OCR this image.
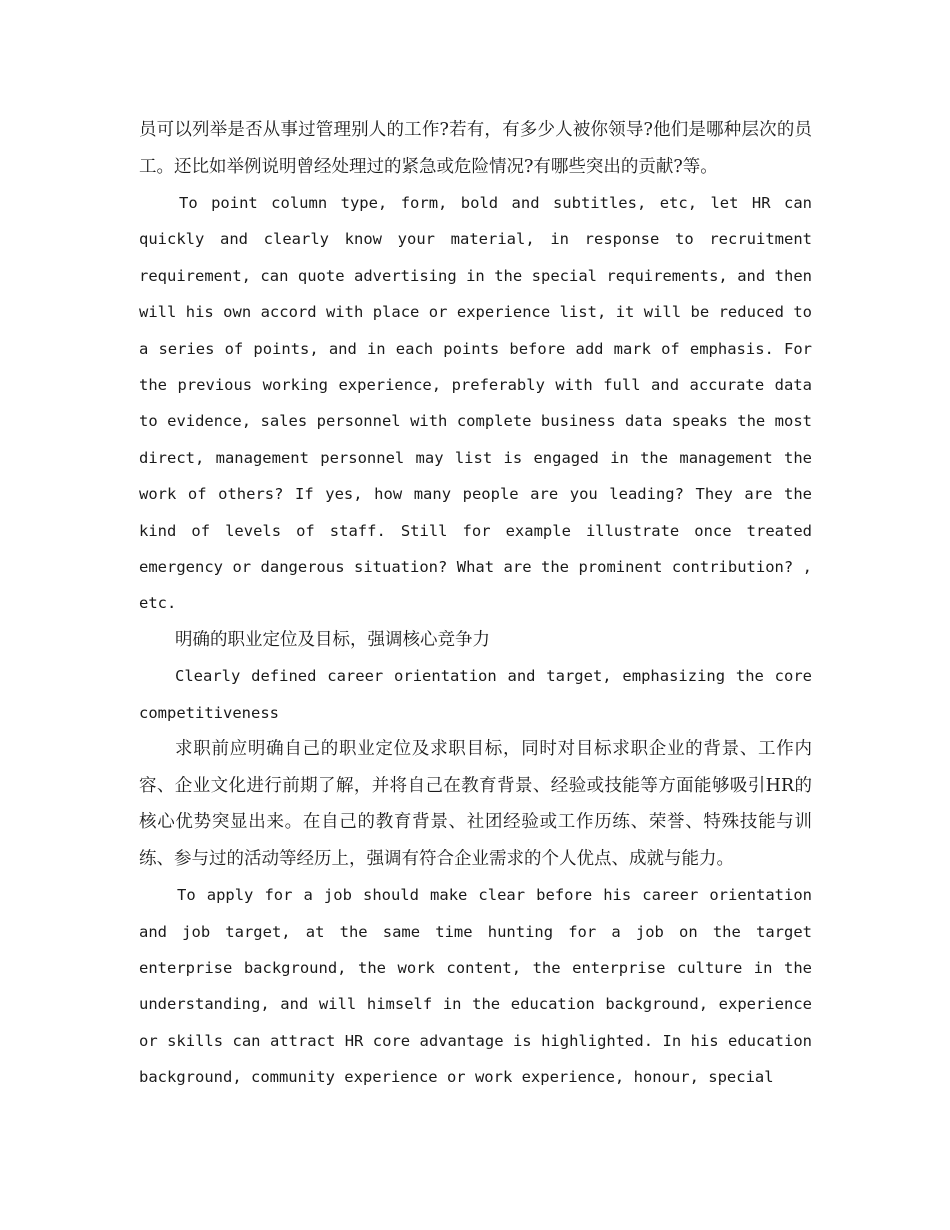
员可以列举是否从事过管理别人的工作?若有，有多少人被你领导?他们是哪种层次的员工。还比如举例说明曾经处理过的紧急或危险情况?有哪些突出的贡献?等。

To point column type, form, bold and subtitles, etc, let HR can quickly and clearly know your material, in response to recruitment requirement, can quote advertising in the special requirements, and then will his own accord with place or experience list, it will be reduced to a series of points, and in each points before add mark of emphasis. For the previous working experience, preferably with full and accurate data to evidence, sales personnel with complete business data speaks the most direct, management personnel may list is engaged in the management the work of others? If yes, how many people are you leading? They are the kind of levels of staff. Still for example illustrate once treated emergency or dangerous situation? What are the prominent contribution? , etc.

明确的职业定位及目标，强调核心竞争力

Clearly defined career orientation and target, emphasizing the core competitiveness

求职前应明确自己的职业定位及求职目标，同时对目标求职企业的背景、工作内容、企业文化进行前期了解，并将自己在教育背景、经验或技能等方面能够吸引HR的核心优势突显出来。在自己的教育背景、社团经验或工作历练、荣誉、特殊技能与训练、参与过的活动等经历上，强调有符合企业需求的个人优点、成就与能力。

To apply for a job should make clear before his career orientation and job target, at the same time hunting for a job on the target enterprise background, the work content, the enterprise culture in the understanding, and will himself in the education background, experience or skills can attract HR core advantage is highlighted. In his education background, community experience or work experience, honour, special
